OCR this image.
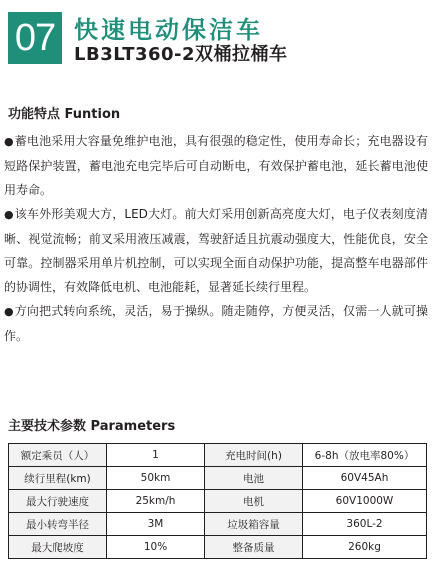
07 快速电动保洁车
LB3LT360-2双桶拉桶车
功能特点 Funtion

●蓄电池采用大容量免维护电池，具有很强的稳定性，使用寿命长；充电器设有短路保护装置，蓄电池充电完毕后可自动断电，有效保护蓄电池，延长蓄电池使用寿命。

●该车外形美观大方，LED大灯。前大灯采用创新高亮度大灯，电子仪表刻度清晰、视觉流畅；前叉采用液压减震，驾驶舒适且抗震动强度大，性能优良，安全可靠。控制器采用单片机控制，可以实现全面自动保护功能，提高整车电器部件的协调性，有效降低电机、电池能耗，显著延长续行里程。

●方向把式转向系统，灵活，易于操纵。随走随停，方便灵活，仅需一人就可操作。

主要技术参数 Parameters
额定乘员（人）	1	充电时间(h)	6-8h（放电率80%）
续行里程(km)	50km	电池	60V45Ah
最大行驶速度	25km/h	电机	60V1000W
最小转弯半径	3M	垃圾箱容量	360L-2
最大爬坡度	10%	整备质量	260kg
